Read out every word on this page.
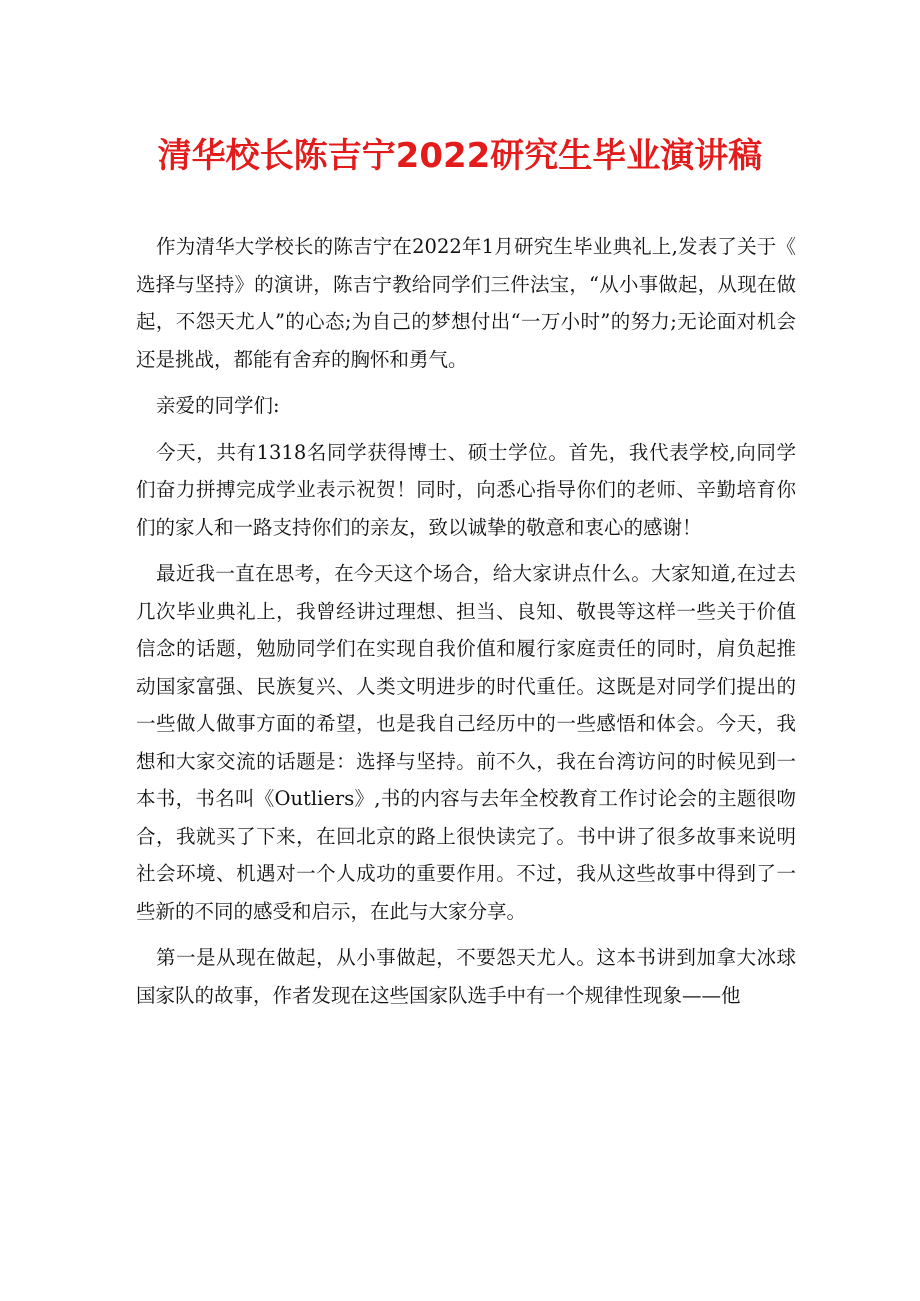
清华校长陈吉宁2022研究生毕业演讲稿

作为清华大学校长的陈吉宁在2022年1月研究生毕业典礼上,发表了关于《选择与坚持》的演讲，陈吉宁教给同学们三件法宝，“从小事做起，从现在做起，不怨天尤人”的心态;为自己的梦想付出“一万小时”的努力;无论面对机会还是挑战，都能有舍弃的胸怀和勇气。

亲爱的同学们:

今天，共有1318名同学获得博士、硕士学位。首先，我代表学校,向同学们奋力拼搏完成学业表示祝贺！同时，向悉心指导你们的老师、辛勤培育你们的家人和一路支持你们的亲友，致以诚挚的敬意和衷心的感谢！

最近我一直在思考，在今天这个场合，给大家讲点什么。大家知道,在过去几次毕业典礼上，我曾经讲过理想、担当、良知、敬畏等这样一些关于价值信念的话题，勉励同学们在实现自我价值和履行家庭责任的同时，肩负起推动国家富强、民族复兴、人类文明进步的时代重任。这既是对同学们提出的一些做人做事方面的希望，也是我自己经历中的一些感悟和体会。今天，我想和大家交流的话题是：选择与坚持。前不久，我在台湾访问的时候见到一本书，书名叫《Outliers》,书的内容与去年全校教育工作讨论会的主题很吻合，我就买了下来，在回北京的路上很快读完了。书中讲了很多故事来说明社会环境、机遇对一个人成功的重要作用。不过，我从这些故事中得到了一些新的不同的感受和启示，在此与大家分享。

第一是从现在做起，从小事做起，不要怨天尤人。这本书讲到加拿大冰球国家队的故事，作者发现在这些国家队选手中有一个规律性现象——他
